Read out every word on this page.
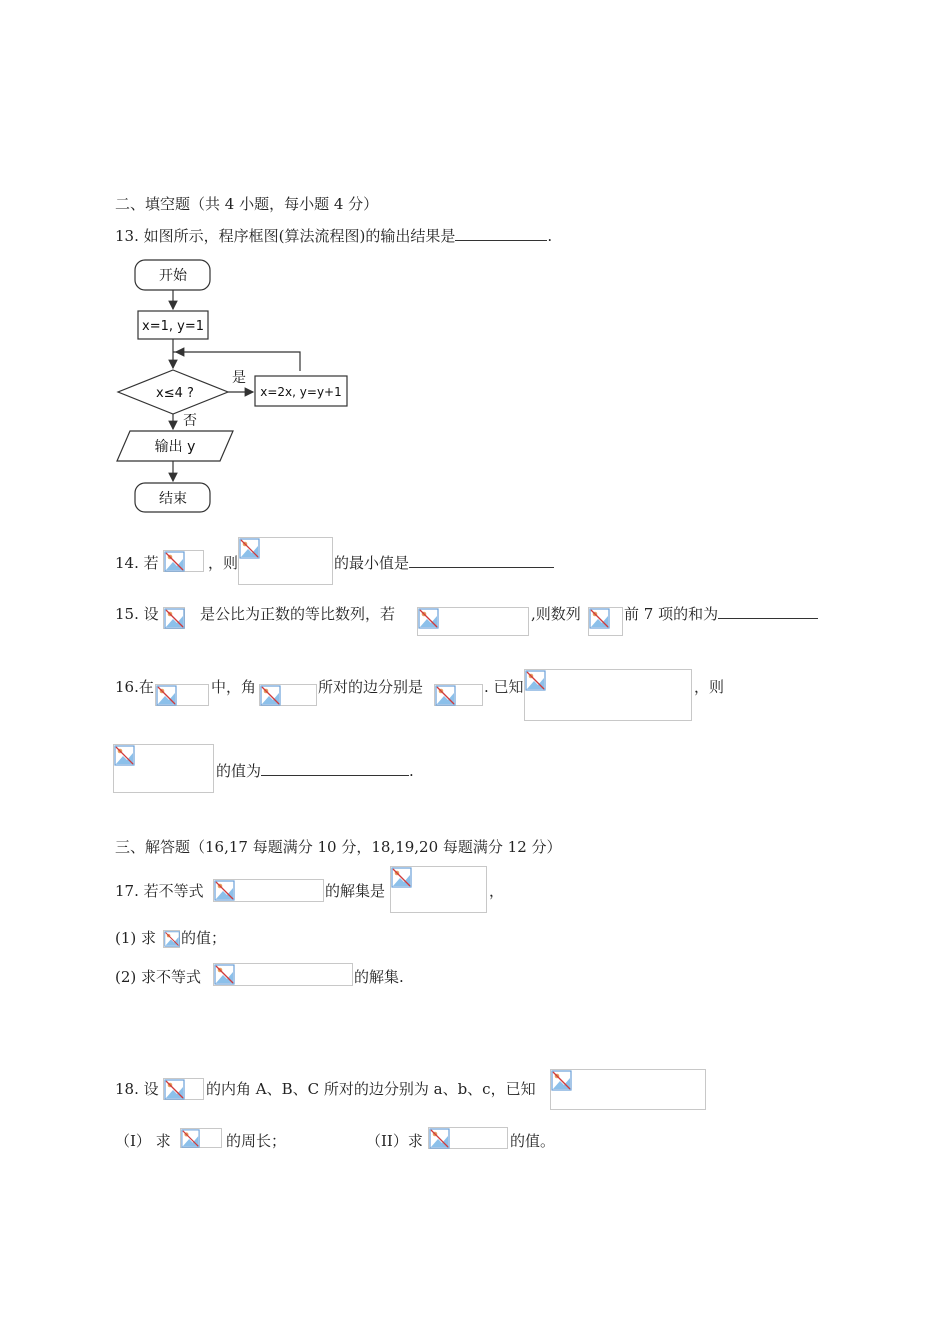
二、填空题（共 4 小题，每小题 4 分）
13. 如图所示，程序框图(算法流程图)的输出结果是	.
开始
x=1, y=1
x≤4 ?	x=2x, y=y+1
是
否
输出 y
结束
14. 若	，则	的最小值是
15. 设	是公比为正数的等比数列，若	,则数列	前 7 项的和为
16.在	中，角	所对的边分别是	. 已知	，则
的值为	.
三、解答题（16,17 每题满分 10 分，18,19,20 每题满分 12 分）
17. 若不等式	的解集是	，
(1) 求 的值；
(2) 求不等式	的解集.
18. 设	的内角 A、B、C 所对的边分别为 a、b、c，已知
（I） 求	的周长；	（II）求	的值。
